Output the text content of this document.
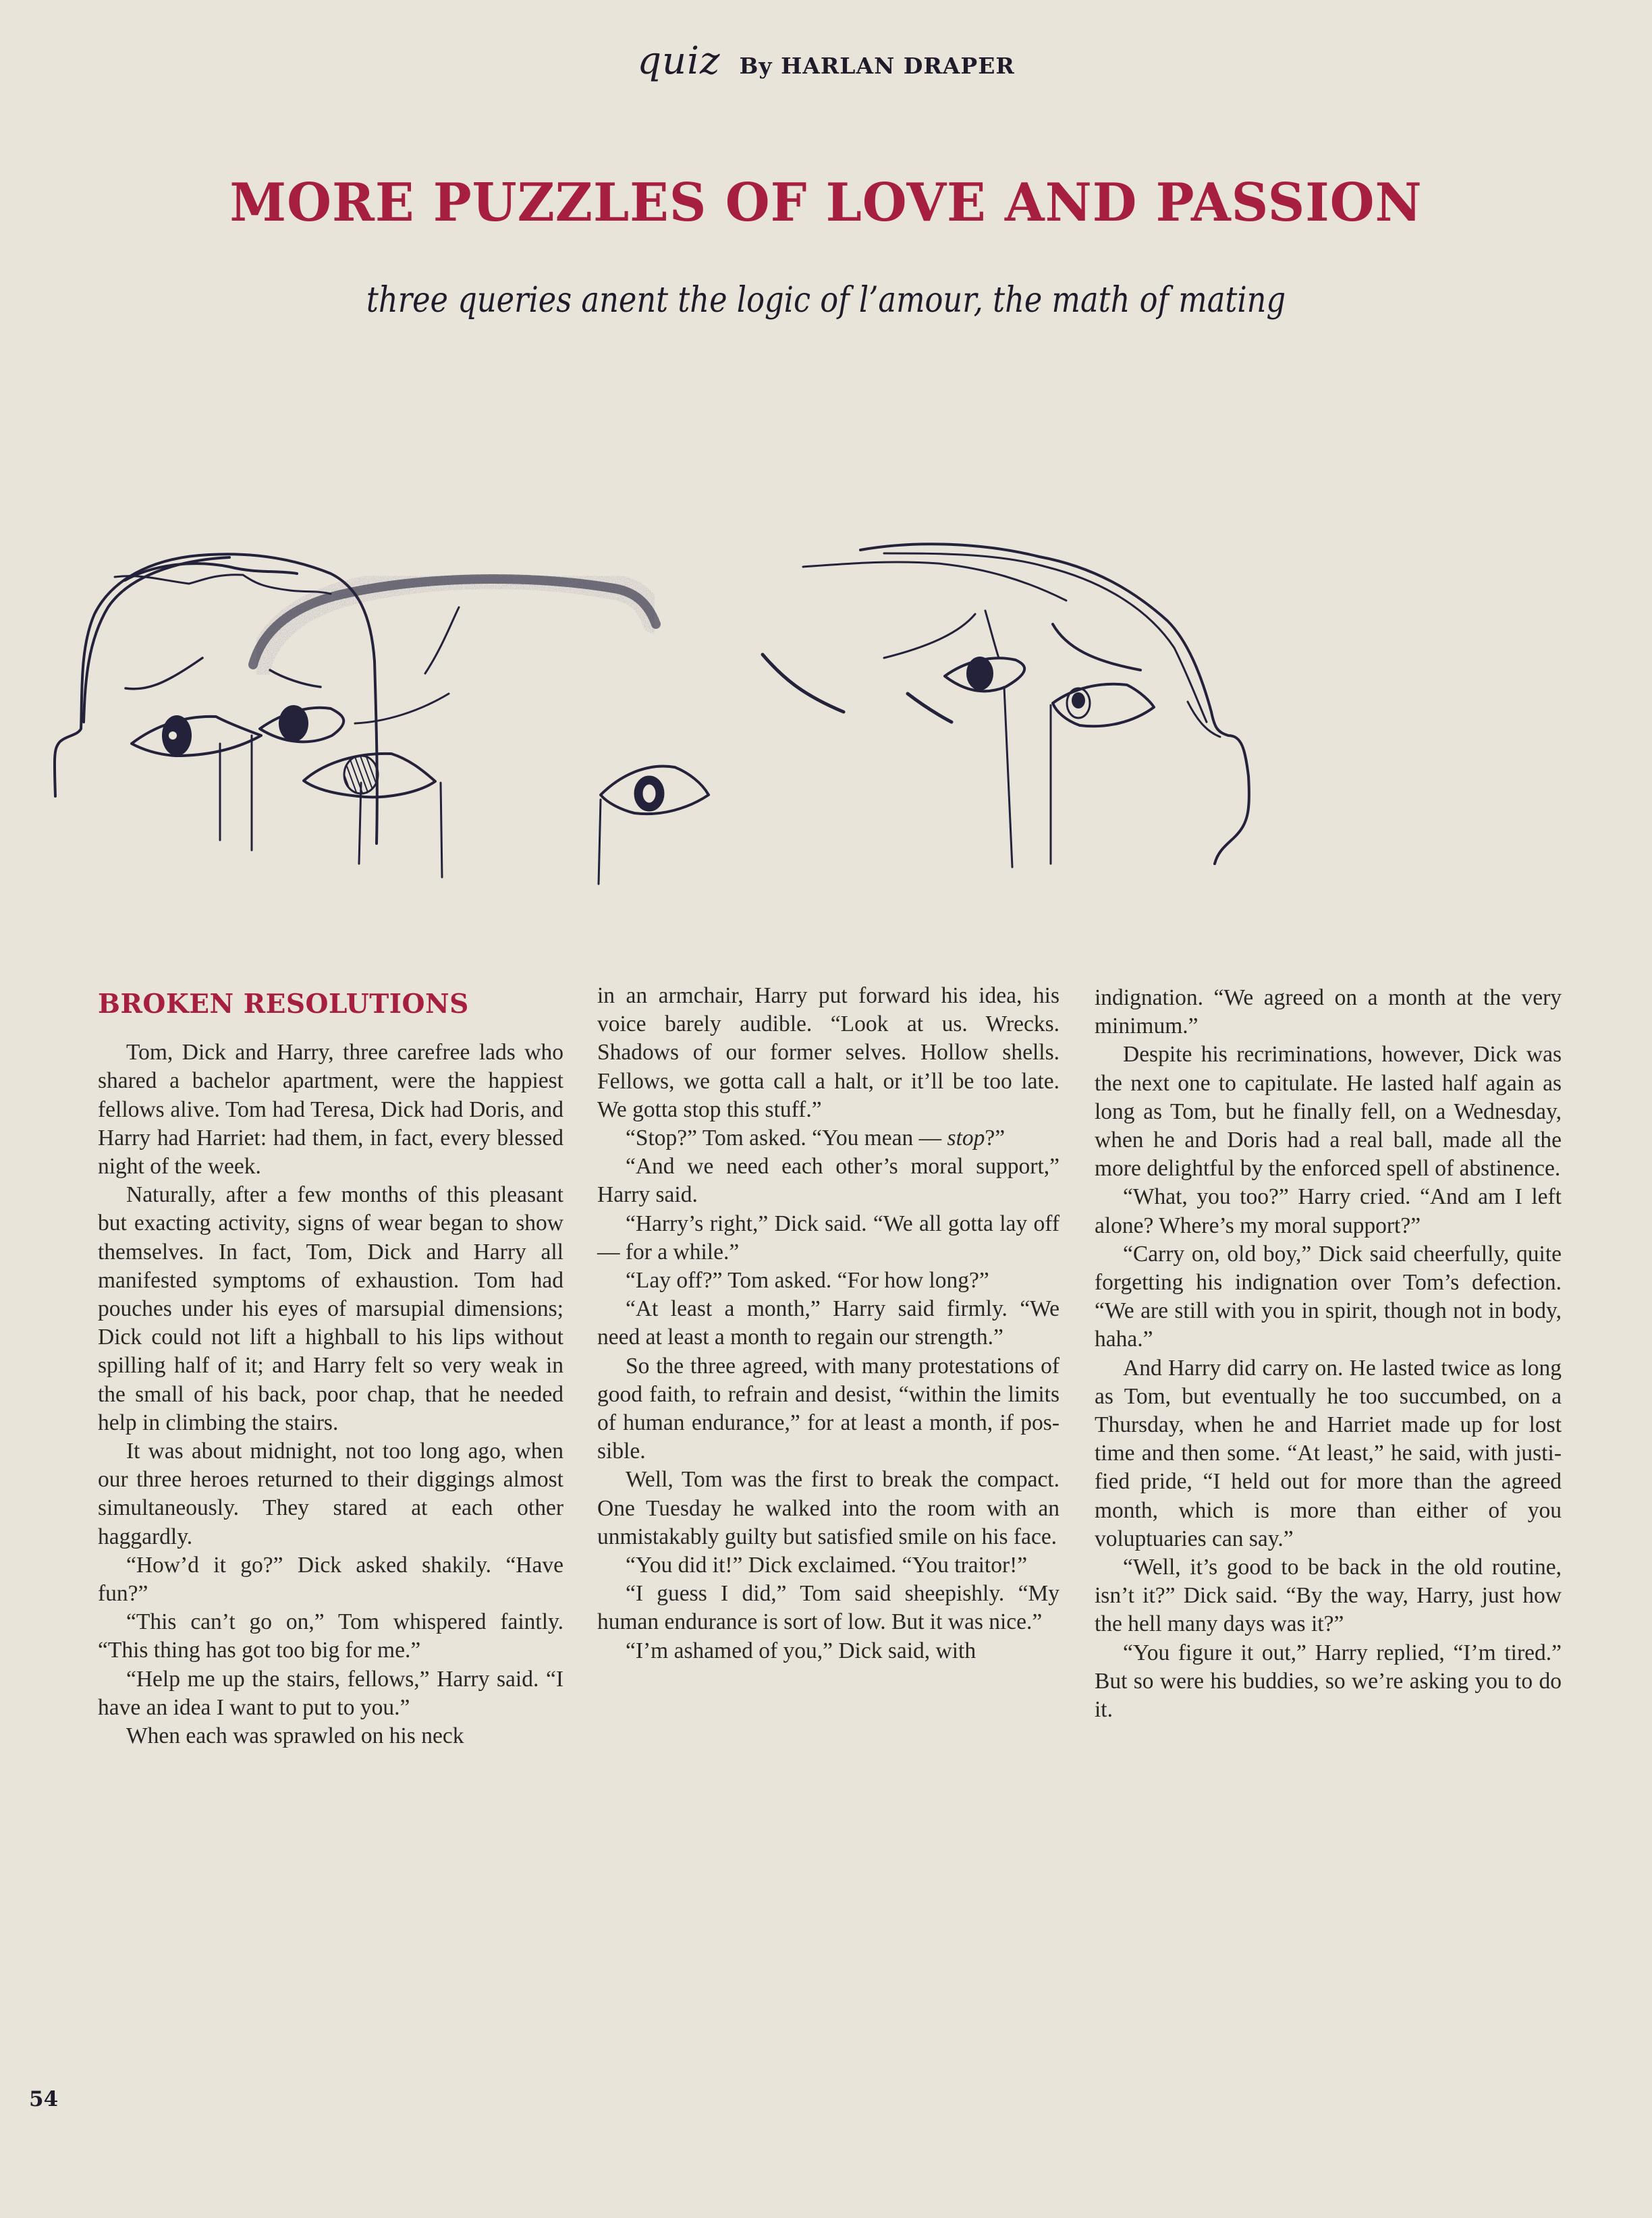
quiz By HARLAN DRAPER
MORE PUZZLES OF LOVE AND PASSION
three queries anent the logic of l’amour, the math of mating
BROKEN RESOLUTIONS

Tom, Dick and Harry, three carefree lads who shared a bachelor apartment, were the happiest fellows alive. Tom had Teresa, Dick had Doris, and Harry had Harriet: had them, in fact, every blessed night of the week.

Naturally, after a few months of this pleasant but exacting activity, signs of wear began to show themselves. In fact, Tom, Dick and Harry all manifested symptoms of exhaustion. Tom had pouches under his eyes of marsupial dimensions; Dick could not lift a highball to his lips without spilling half of it; and Harry felt so very weak in the small of his back, poor chap, that he needed help in climbing the stairs.

It was about midnight, not too long ago, when our three heroes returned to their diggings almost simultaneously. They stared at each other haggardly.

“How’d it go?” Dick asked shakily. “Have fun?”

“This can’t go on,” Tom whispered faintly. “This thing has got too big for me.”

“Help me up the stairs, fellows,” Harry said. “I have an idea I want to put to you.”

When each was sprawled on his neck

in an armchair, Harry put forward his idea, his voice barely audible. “Look at us. Wrecks. Shadows of our former selves. Hollow shells. Fellows, we gotta call a halt, or it’ll be too late. We gotta stop this stuff.”

“Stop?” Tom asked. “You mean — stop?”

“And we need each other’s moral support,” Harry said.

“Harry’s right,” Dick said. “We all gotta lay off — for a while.”

“Lay off?” Tom asked. “For how long?”

“At least a month,” Harry said firmly. “We need at least a month to regain our strength.”

So the three agreed, with many protestations of good faith, to refrain and desist, “within the limits of human endurance,” for at least a month, if possible.

Well, Tom was the first to break the compact. One Tuesday he walked into the room with an unmistakably guilty but satisfied smile on his face.

“You did it!” Dick exclaimed. “You traitor!”

“I guess I did,” Tom said sheepishly. “My human endurance is sort of low. But it was nice.”

“I’m ashamed of you,” Dick said, with

indignation. “We agreed on a month at the very minimum.”

Despite his recriminations, however, Dick was the next one to capitulate. He lasted half again as long as Tom, but he finally fell, on a Wednesday, when he and Doris had a real ball, made all the more delightful by the enforced spell of abstinence.

“What, you too?” Harry cried. “And am I left alone? Where’s my moral support?”

“Carry on, old boy,” Dick said cheerfully, quite forgetting his indignation over Tom’s defection. “We are still with you in spirit, though not in body, haha.”

And Harry did carry on. He lasted twice as long as Tom, but eventually he too succumbed, on a Thursday, when he and Harriet made up for lost time and then some. “At least,” he said, with justified pride, “I held out for more than the agreed month, which is more than either of you voluptuaries can say.”

“Well, it’s good to be back in the old routine, isn’t it?” Dick said. “By the way, Harry, just how the hell many days was it?”

“You figure it out,” Harry replied, “I’m tired.” But so were his buddies, so we’re asking you to do it.

54
